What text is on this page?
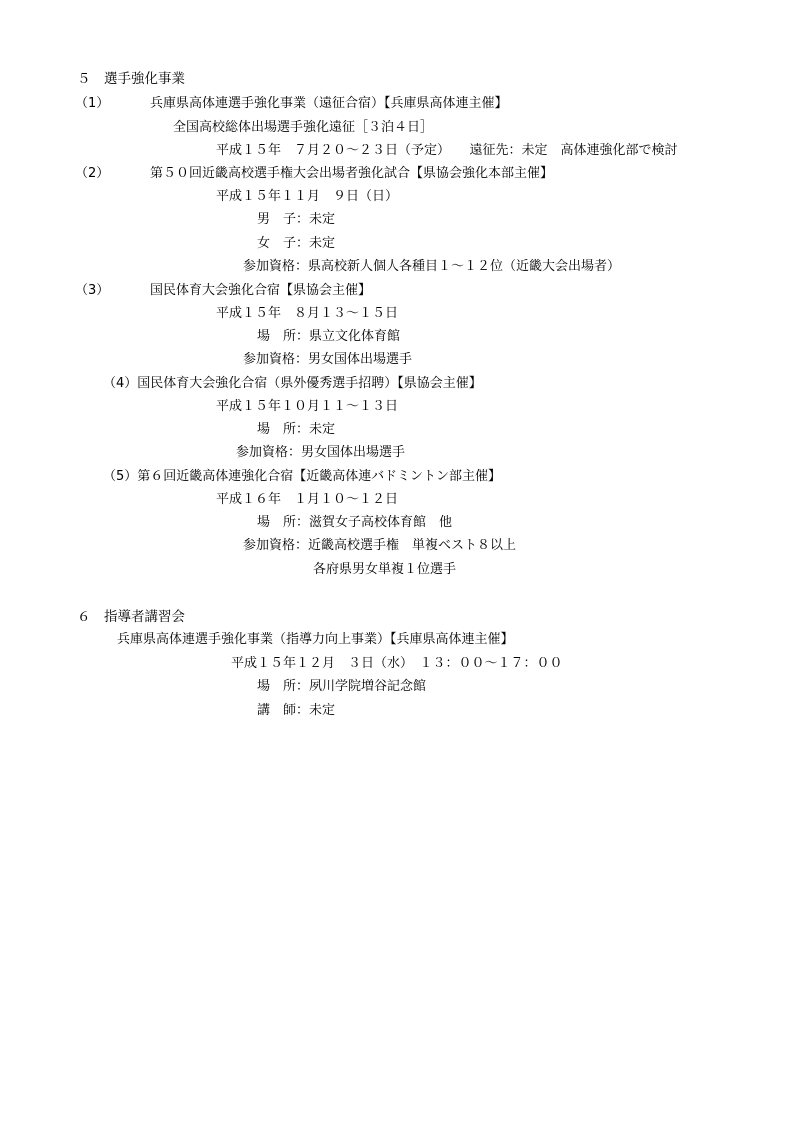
５　選手強化事業
（1）	兵庫県高体連選手強化事業（遠征合宿）【兵庫県高体連主催】
全国高校総体出場選手強化遠征［３泊４日］
平成１５年　７月２０～２３日（予定）　　遠征先：未定　高体連強化部で検討
（2）	第５０回近畿高校選手権大会出場者強化試合【県協会強化本部主催】
平成１５年１１月　９日（日）
男　子：未定
女　子：未定
参加資格：県高校新人個人各種目１～１２位（近畿大会出場者）
（3）	国民体育大会強化合宿【県協会主催】
平成１５年　８月１３～１５日
場　所：県立文化体育館
参加資格：男女国体出場選手
（4）国民体育大会強化合宿（県外優秀選手招聘）【県協会主催】
平成１５年１０月１１～１３日
場　所：未定
参加資格：男女国体出場選手
（5）第６回近畿高体連強化合宿【近畿高体連バドミントン部主催】
平成１６年　１月１０～１２日
場　所：滋賀女子高校体育館　他
参加資格：近畿高校選手権　単複ベスト８以上
各府県男女単複１位選手
６　指導者講習会
兵庫県高体連選手強化事業（指導力向上事業）【兵庫県高体連主催】
平成１５年１２月　３日（水）　１３：００～１７：００
場　所：夙川学院増谷記念館
講　師：未定
